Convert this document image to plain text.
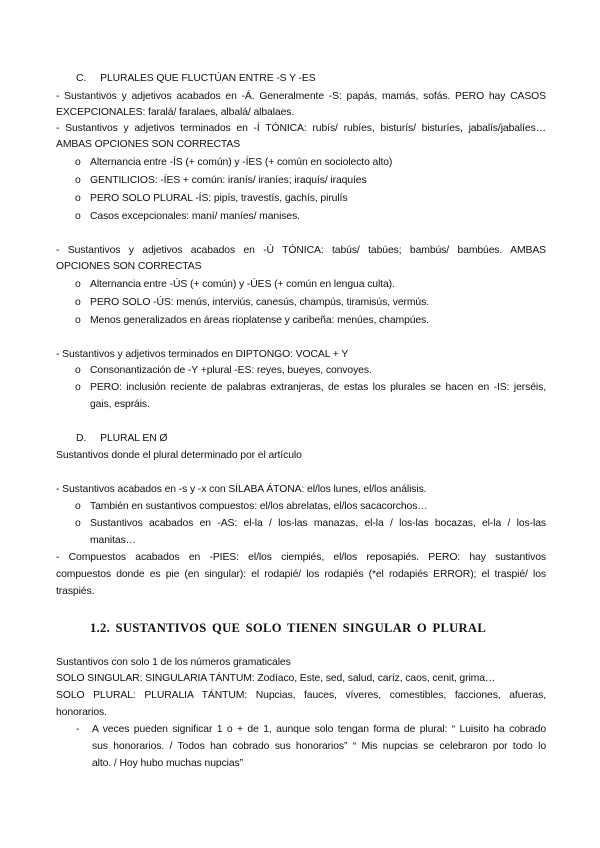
C. PLURALES QUE FLUCTÚAN ENTRE -S Y -ES
- Sustantivos y adjetivos acabados en -Á. Generalmente -S: papás, mamás, sofás. PERO hay CASOS
EXCEPCIONALES: faralá/ faralaes, albalá/ albalaes.
- Sustantivos y adjetivos terminados en -Í TÓNICA: rubís/ rubíes, bisturís/ bisturíes, jabalís/jabalíes…
AMBAS OPCIONES SON CORRECTAS
o Alternancia entre -ÍS (+ común) y -ÍES (+ común en sociolecto alto)
o GENTILICIOS: -ÍES + común: iranís/ iraníes; iraquís/ iraquíes
o PERO SOLO PLURAL -ÍS: pipís, travestís, gachís, pirulís
o Casos excepcionales: maní/ maníes/ manises.
- Sustantivos y adjetivos acabados en -Ú TÓNICA: tabús/ tabúes; bambús/ bambúes. AMBAS
OPCIONES SON CORRECTAS
o Alternancia entre -ÚS (+ común) y -ÚES (+ común en lengua culta).
o PERO SOLO -ÚS: menús, interviús, canesús, champús, tiramisús, vermús.
o Menos generalizados en áreas rioplatense y caribeña: menúes, champúes.
- Sustantivos y adjetivos terminados en DIPTONGO: VOCAL + Y
o Consonantización de -Y +plural -ES: reyes, bueyes, convoyes.
o PERO: inclusión reciente de palabras extranjeras, de estas los plurales se hacen en -IS: jerséis,
gais, espráis.
D. PLURAL EN Ø
Sustantivos donde el plural determinado por el artículo
- Sustantivos acabados en -s y -x con SÍLABA ÁTONA: el/los lunes, el/los análisis.
o También en sustantivos compuestos: el/los abrelatas, el/los sacacorchos…
o Sustantivos acabados en -AS: el-la / los-las manazas, el-la / los-las bocazas, el-la / los-las
manitas…
- Compuestos acabados en -PIES: el/los ciempiés, el/los reposapiés. PERO: hay sustantivos
compuestos donde es pie (en singular): el rodapié/ los rodapiés (*el rodapiés ERROR); el traspié/ los
traspiés.
1.2. SUSTANTIVOS QUE SOLO TIENEN SINGULAR O PLURAL
Sustantivos con solo 1 de los números gramaticales
SOLO SINGULAR: SINGULARIA TÁNTUM: Zodíaco, Este, sed, salud, caríz, caos, cenit, grima…
SOLO PLURAL: PLURALIA TÁNTUM: Nupcias, fauces, víveres, comestibles, facciones, afueras,
honorarios.
- A veces pueden significar 1 o + de 1, aunque solo tengan forma de plural: “ Luisito ha cobrado
sus honorarios. / Todos han cobrado sus honorarios” “ Mis nupcias se celebraron por todo lo
alto. / Hoy hubo muchas nupcias”
